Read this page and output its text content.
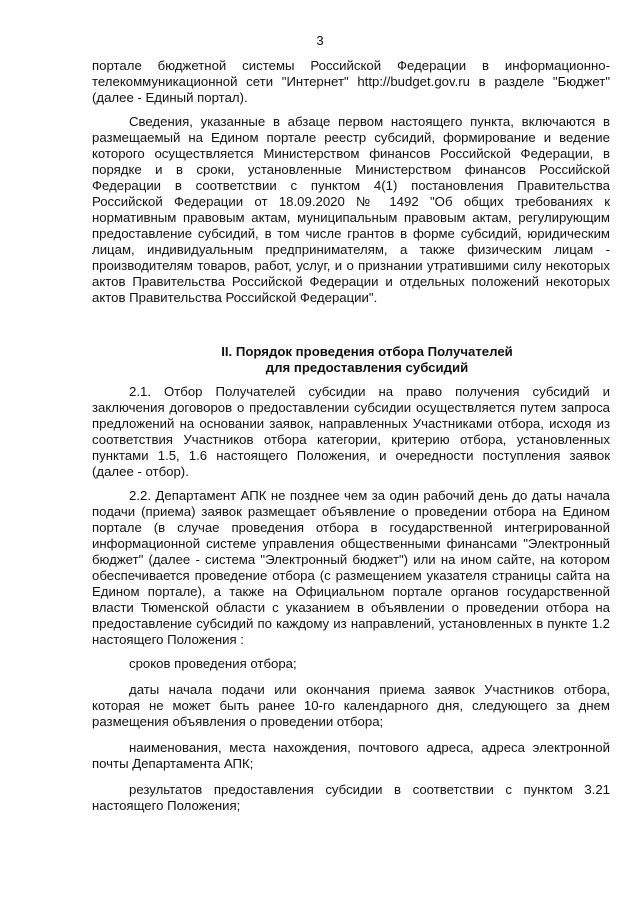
3

порталe бюджетной системы Российской Федерации в информационно-телекоммуникационной сети "Интернет" http://budget.gov.ru в разделе "Бюджет" (далее - Единый портал).

Сведения, указанные в абзаце первом настоящего пункта, включаются в размещаемый на Едином портале реестр субсидий, формирование и ведение которого осуществляется Министерством финансов Российской Федерации, в порядке и в сроки, установленные Министерством финансов Российской Федерации в соответствии с пунктом 4(1) постановления Правительства Российской Федерации от 18.09.2020 № 1492 "Об общих требованиях к нормативным правовым актам, муниципальным правовым актам, регулирующим предоставление субсидий, в том числе грантов в форме субсидий, юридическим лицам, индивидуальным предпринимателям, а также физическим лицам - производителям товаров, работ, услуг, и о признании утратившими силу некоторых актов Правительства Российской Федерации и отдельных положений некоторых актов Правительства Российской Федерации".

II. Порядок проведения отбора Получателей
для предоставления субсидий

2.1. Отбор Получателей субсидии на право получения субсидий и заключения договоров о предоставлении субсидии осуществляется путем запроса предложений на основании заявок, направленных Участниками отбора, исходя из соответствия Участников отбора категории, критерию отбора, установленных пунктами 1.5, 1.6 настоящего Положения, и очередности поступления заявок (далее - отбор).

2.2. Департамент АПК не позднее чем за один рабочий день до даты начала подачи (приема) заявок размещает объявление о проведении отбора на Едином портале (в случае проведения отбора в государственной интегрированной информационной системе управления общественными финансами "Электронный бюджет" (далее - система "Электронный бюджет") или на ином сайте, на котором обеспечивается проведение отбора (с размещением указателя страницы сайта на Едином портале), а также на Официальном портале органов государственной власти Тюменской области с указанием в объявлении о проведении отбора на предоставление субсидий по каждому из направлений, установленных в пункте 1.2 настоящего Положения :

сроков проведения отбора;

даты начала подачи или окончания приема заявок Участников отбора, которая не может быть ранее 10-го календарного дня, следующего за днем размещения объявления о проведении отбора;

наименования, места нахождения, почтового адреса, адреса электронной почты Департамента АПК;

результатов предоставления субсидии в соответствии с пунктом 3.21 настоящего Положения;
